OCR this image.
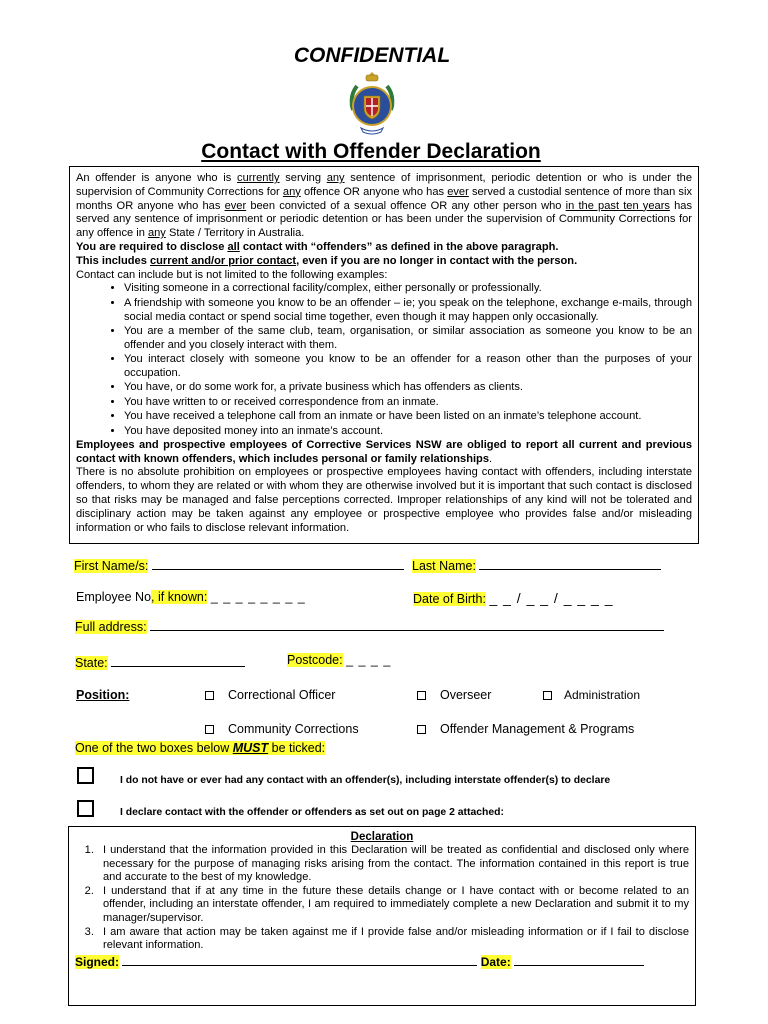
CONFIDENTIAL
Contact with Offender Declaration

An offender is anyone who is currently serving any sentence of imprisonment, periodic detention or who is under the supervision of Community Corrections for any offence OR anyone who has ever served a custodial sentence of more than six months OR anyone who has ever been convicted of a sexual offence OR any other person who in the past ten years has served any sentence of imprisonment or periodic detention or has been under the supervision of Community Corrections for any offence in any State / Territory in Australia.

You are required to disclose all contact with “offenders” as defined in the above paragraph.

This includes current and/or prior contact, even if you are no longer in contact with the person.

Contact can include but is not limited to the following examples:

• Visiting someone in a correctional facility/complex, either personally or professionally.
• A friendship with someone you know to be an offender – ie; you speak on the telephone, exchange e-mails, through social media contact or spend social time together, even though it may happen only occasionally.
• You are a member of the same club, team, organisation, or similar association as someone you know to be an offender and you closely interact with them.
• You interact closely with someone you know to be an offender for a reason other than the purposes of your occupation.
• You have, or do some work for, a private business which has offenders as clients.
• You have written to or received correspondence from an inmate.
• You have received a telephone call from an inmate or have been listed on an inmate’s telephone account.
• You have deposited money into an inmate’s account.

Employees and prospective employees of Corrective Services NSW are obliged to report all current and previous contact with known offenders, which includes personal or family relationships.

There is no absolute prohibition on employees or prospective employees having contact with offenders, including interstate offenders, to whom they are related or with whom they are otherwise involved but it is important that such contact is disclosed so that risks may be managed and false perceptions corrected. Improper relationships of any kind will not be tolerated and disciplinary action may be taken against any employee or prospective employee who provides false and/or misleading information or who fails to disclose relevant information.

First Name/s:	Last Name:
Employee No, if known: _ _ _ _ _ _ _ _	Date of Birth: _ _ / _ _ / _ _ _ _
Full address:
State:	Postcode: _ _ _ _
Position:	Correctional Officer	Overseer	Administration
Community Corrections	Offender Management & Programs
One of the two boxes below MUST be ticked:
I do not have or ever had any contact with an offender(s), including interstate offender(s) to declare
I declare contact with the offender or offenders as set out on page 2 attached:
Declaration
1. I understand that the information provided in this Declaration will be treated as confidential and disclosed only where necessary for the purpose of managing risks arising from the contact. The information contained in this report is true and accurate to the best of my knowledge.
2. I understand that if at any time in the future these details change or I have contact with or become related to an offender, including an interstate offender, I am required to immediately complete a new Declaration and submit it to my manager/supervisor.
3. I am aware that action may be taken against me if I provide false and/or misleading information or if I fail to disclose relevant information.
Signed:	Date:
